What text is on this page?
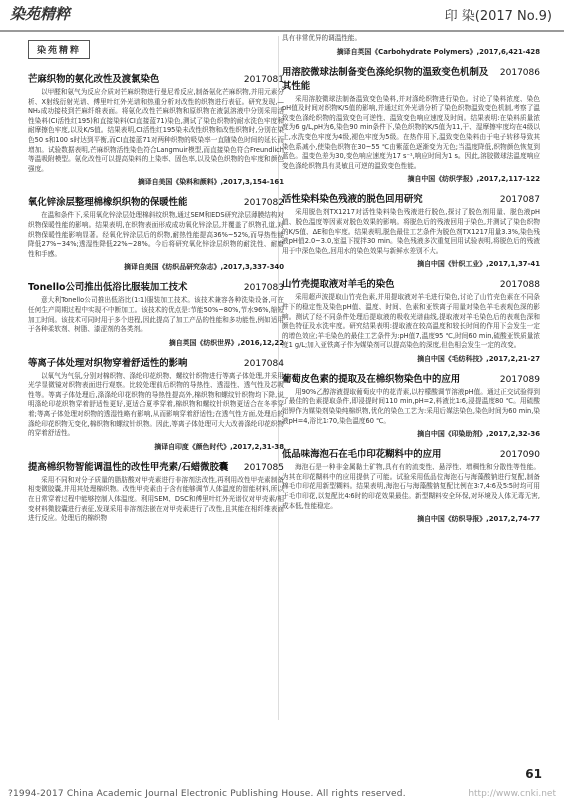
染苑精粹	印 染(2017 No.9)
染苑精粹
芒麻织物的氨化改性及渡氯染色	2017081

以甲醛和氨气为反应介质对芒麻织物进行曼尼希反应,制备氨化芒麻织物,并用元素分析、X射线衍射光谱、傅里叶红外光谱和热重分析对改性的织物进行表征。研究发现,—NH₂成功接枝到芒麻纤维表面。将氨化改性芒麻织物和原织物在液氯溶液中分别采用活性染料(CI活性红195)和直接染料(CI直接蓝71)染色,测试了染色织物的耐水洗色牢度和耐摩擦色牢度,以及K/S值。结果表明,CI活性红195染未改性织物和改性织物时,分别在染色50 s和100 s时达到平衡,而CI直接蓝71对两种织物的吸染率一直随染色时间的延长而增加。试验数据表明,芒麻织物活性染色符合Langmuir模型,而直接染色符合Freundlich等温吸附模型。氨化改性可以提高染料的上染率、固色率,以及染色织物的色牢度和颜色强度。

摘译自美国《染料和颜料》,2017,3,154-161
氧化锌涂层整理棉橡织织物的保暖性能	2017082

在温和条件下,采用氧化锌涂层处理棉斜纹织物,通过SEM和EDS研究涂层薄膜结构对织物保暖性能的影响。结果表明,在织物表面形成成功氧化锌涂层,并覆盖了织物孔道,对织物保暖性能影响显著。经氧化锌涂层后的织物,耐热性能提高36%~52%,而导热性能降低27%~34%;透湿性降低22%~28%。今后将研究氧化锌涂层织物的耐洗性、耐磨性和手感。

摘译自美国《纺织品研究杂志》,2017,3,337-340
Tonello公司推出低浴比服装加工技术	2017083

意大利Tonello公司推出低浴比(1∶1)服装加工技术。该技术兼容各种洗染设备,可在任何生产周期过程中实现不中断加工。该技术的优点是:节能50%~80%,节水96%,缩短加工时间。该技术可同时用于多个进程,因此提高了加工产品的性能和多功能性,例如适用于各种柔软剂、树脂、漆涩剂的各类剂。

摘自英国《纺织世界》,2016,12,22
等离子体处理对织物穿着舒适性的影响	2017084

以氧气为气氛,分别对棉织物、涤纶印花织物、螺纹针织物进行等离子体处理,并采用光学显微镜对织物表面进行观察。比较处理前后织物的导热性、透湿性、透气性及芯吸性等。等离子体处理后,涤涤纶印花织物的导热性提高外,棉织物和螺纹针织物均下降,说明涤纶印花织物穿着舒适性更好,更适合夏季穿着,棉织物和螺纹针织物更适合在冬季穿着;等离子体处理对织物的透湿性略有影响,从而影响穿着舒适性;在透气性方面,处理后的涤纶印花织物无变化,棉织物和螺纹针织物。因此,等离子体处理可大大改善涤纶印花织物的穿着舒适性。

摘译自印度《颜色时代》,2017,2,31-38
提高棉织物智能调温性的改性甲壳素/石蜡微胶囊	2017085

采用不同和对分子质量的脂肪酸对甲壳素进行非溶剂法改性,再利用改性甲壳素制备相变微胶囊,并用其处理棉织物。改性甲壳素由于含有能够调节人体温度的智能材料,所以在日常穿着过程中能够控制人体温度。利用SEM、DSC和傅里叶红外光谱仪对甲壳素/相变材料微胶囊进行表征,发现采用非溶剂法嵌在对甲壳素进行了改性,且其能在相纤维表面进行反应。处理后的棉织物

具有非常优异的调温性能。

摘译自英国《Carbohydrate Polymers》,2017,6,421-428
用溶胶微球法制备变色涤纶织物的温致变色机制及其性能
2017086

采用溶胶微球法制备温致变色染料,并对涤纶织物进行染色。讨论了染料浓度、染色pH值及时间对织物K/S值的影响,并通过红外光谱分析了染色织物温致变色机制,考察了温致变色涤纶织物的温致变色可逆性、温致变色响应速度及时间。结果表明:在染料质量浓度为6 g/L,pH为6,染色90 min条件下,染色织物的K/S值为11,干、湿摩擦牢度均在4级以上,水洗变色牢度为4级,褪色牢度为5级。在热作用下,温致变色染料由于电子转移导致其染色系减小,使染色织物在30~55 ℃由紫蓝色逐渐变为无色;当温度降低,织物颜色恢复到蓝色。温变色差为30,变色响应速度为17 s⁻¹,响应时间为1 s。因此,溶胶微球法温度响应变色涤纶织物具有灵敏且可逆的温致变色性能。

摘自中国《纺织学报》,2017,2,117-122
活性染料染色残液的脱色回用研究	2017087

采用脱色剂TX1217对活性染料染色残液进行脱色,探讨了脱色剂用量、脱色液pH值、脱色温度等因素对脱色效果的影响。将脱色后的残液回用于染色,并测试了染色织物的K/S值、ΔE和色牢度。结果表明,脱色最佳工艺条件为脱色剂TX1217用量3.3%,染色残液pH值2.0~3.0,室温下搅拌30 min。染色残液多次重复回用试验表明,将脱色后的残液用于中深色染色,回用水的染色效果与新鲜水差别不大。

摘自中国《针织工业》,2017,1,37-41
山竹壳提取液对羊毛的染色	2017088

采用超声波提取山竹壳色素,并用提取液对羊毛进行染色,讨论了山竹壳色素在不同条件下的稳定性及染色pH值、温度、时间、色素和亚铁离子用量对染色羊毛表观色深的影响。测试了经不同条件处理后提取液的吸收光谱曲线,提取液对羊毛染色后的表观色深和颜色特征及水洗牢度。研究结果表明:提取液在较高温度和较长时间的作用下会发生一定的增色效应;羊毛染色的最佳工艺条件为:pH值7,温度95 ℃,时间60 min,硫酸亚铁质量浓度1 g/L;加入亚铁离子作为媒染剂可以提高染色的深度,但色相会发生一定的改变。

摘自中国《毛纺科技》,2017,2,21-27
葡萄皮色素的提取及在棉织物染色中的应用	2017089

用90%乙醇溶液提取葡萄皮中的花青素,以柠檬酸调节溶液pH值。通过正交试验得到了最佳的色素提取条件,即浸提时间110 min,pH=2,料液比1∶6,浸提温度80 ℃。用硫酸铝钾作为媒染剂染染纯棉织物,优化的染色工艺为:采用后媒法染色,染色时间为60 min,染液pH=4,浴比1∶70,染色温度60 ℃。

摘自中国《印染助剂》,2017,2,32-36
低品味海泡石在毛巾印花糊料中的应用	2017090

海泡石是一种非金属黏土矿物,具有有的流变性、悬浮性、增稠性和分散性等性能。为其在印花糊料中的应用提供了可能。试验采用低品位海泡石与海藻酸钠进行复配,制备棉毛巾印花用新型糊料。结果表明,海泡石与海藻酸钠复配比例在3∶7,4∶6及5∶5时均可用于毛巾印花,以复配比4∶6时的印花效果最佳。新型糊料安全环保,对环境及人体无毒无害,成本低,性能稳定。

摘自中国《纺织导报》,2017,2,74-77
61
?1994-2017 China Academic Journal Electronic Publishing House. All rights reserved.	http://www.cnki.net
